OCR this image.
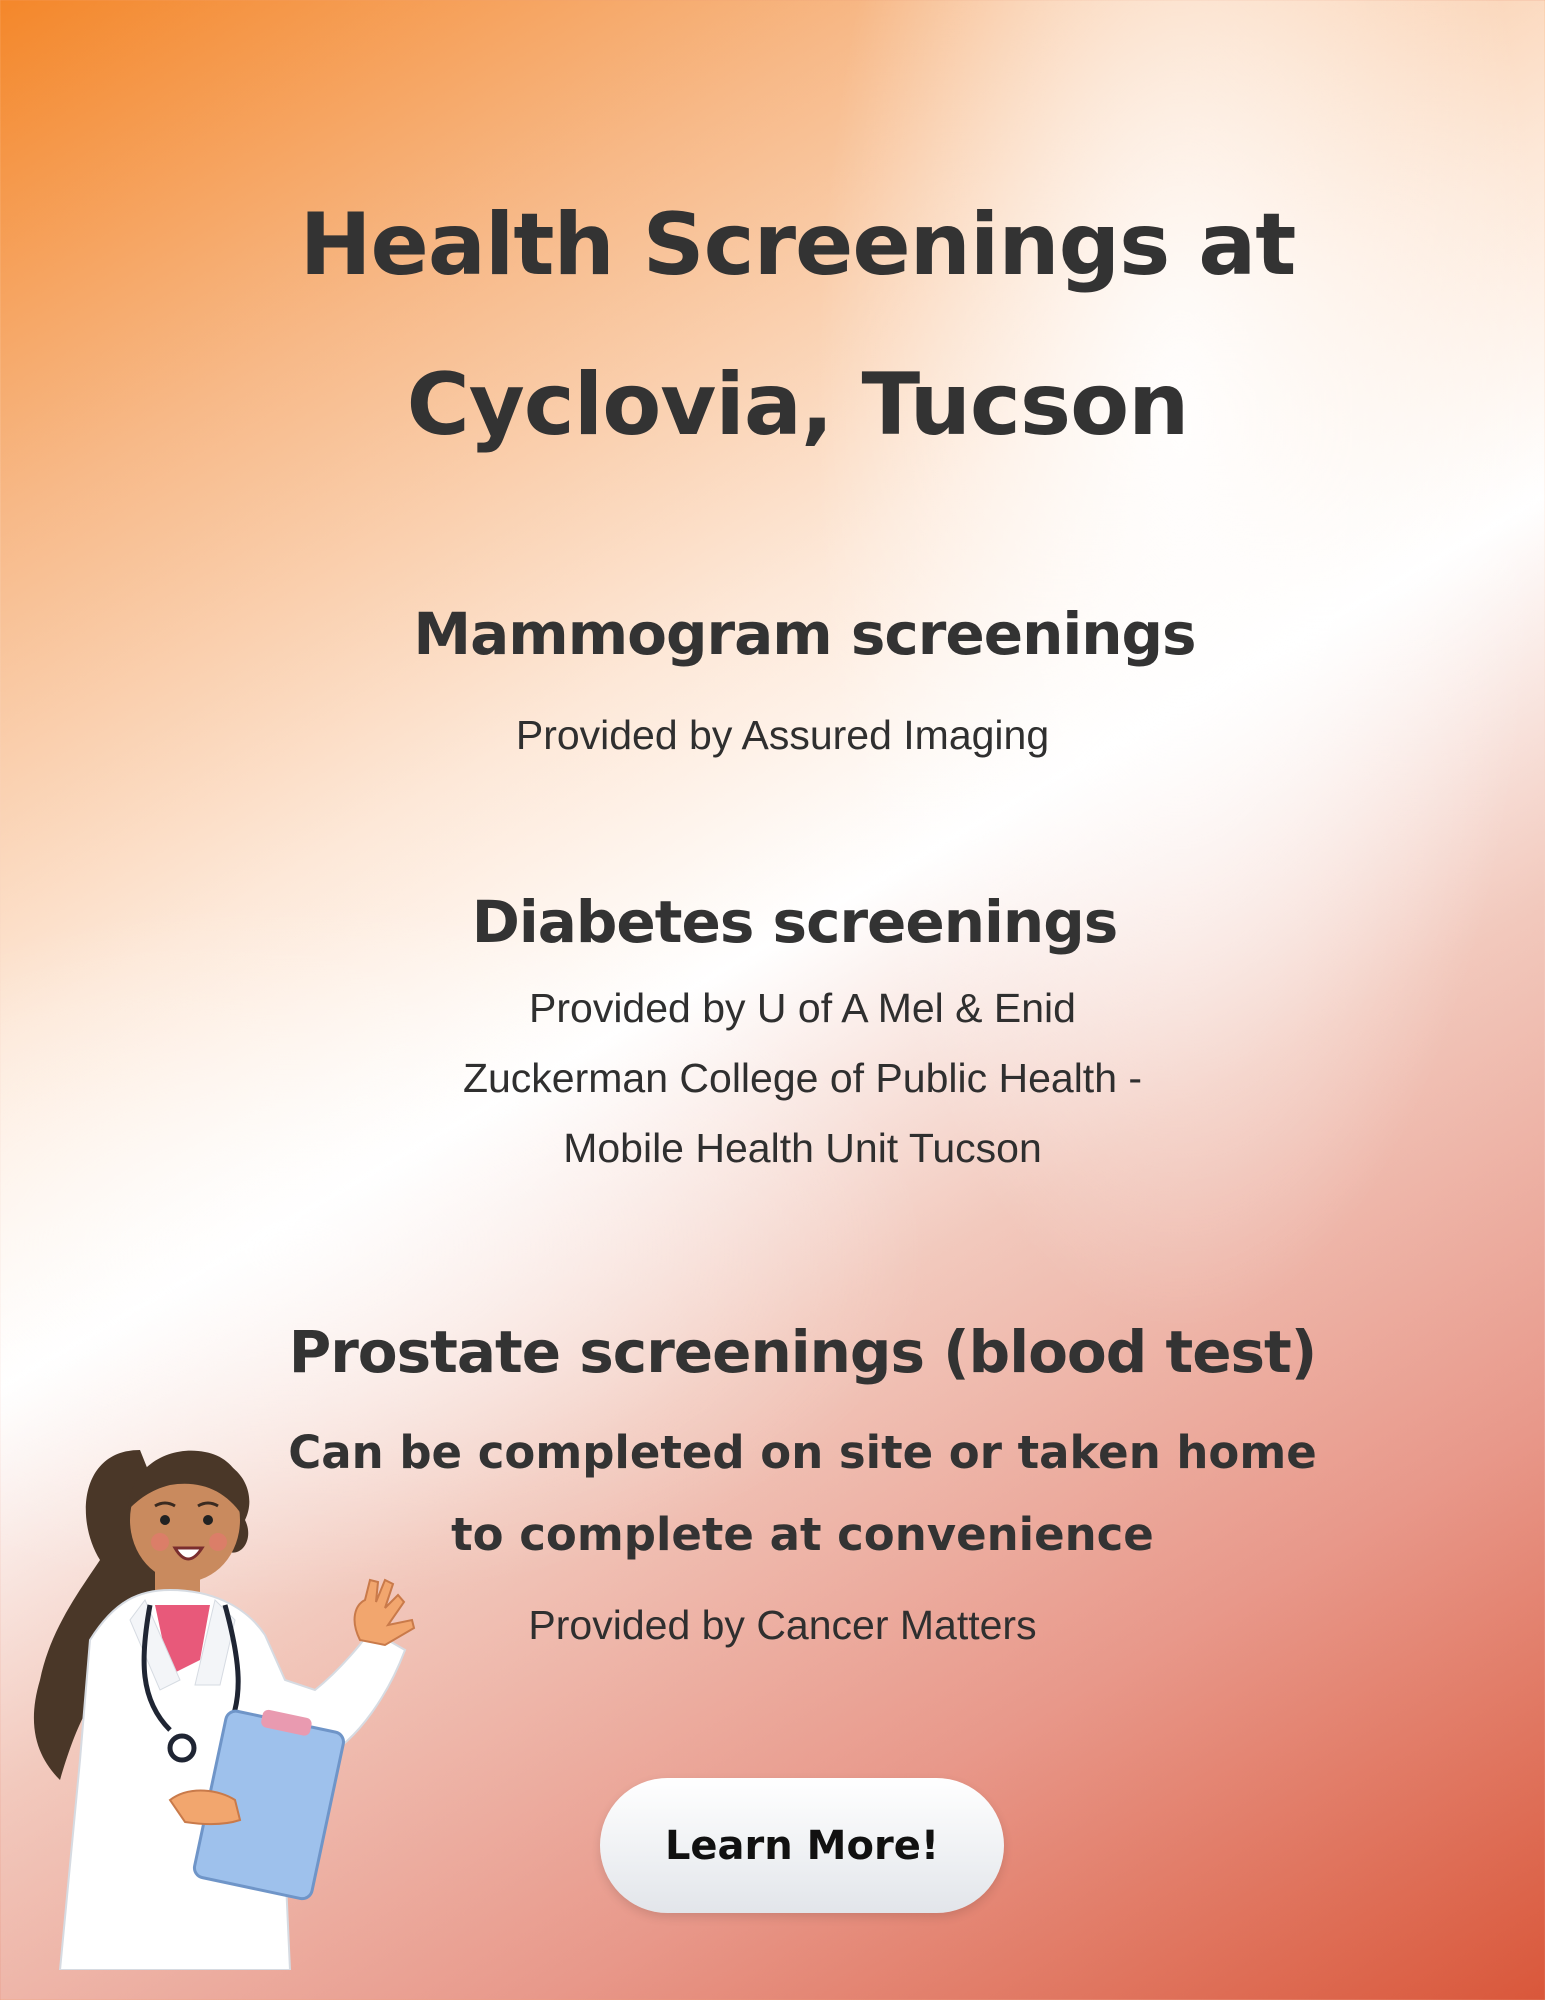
Health Screenings at
Cyclovia, Tucson
Mammogram screenings
Provided by Assured Imaging
Diabetes screenings
Provided by U of A Mel & Enid
Zuckerman College of Public Health -
Mobile Health Unit Tucson
Prostate screenings (blood test)
Can be completed on site or taken home
to complete at convenience
Provided by Cancer Matters
Learn More!
